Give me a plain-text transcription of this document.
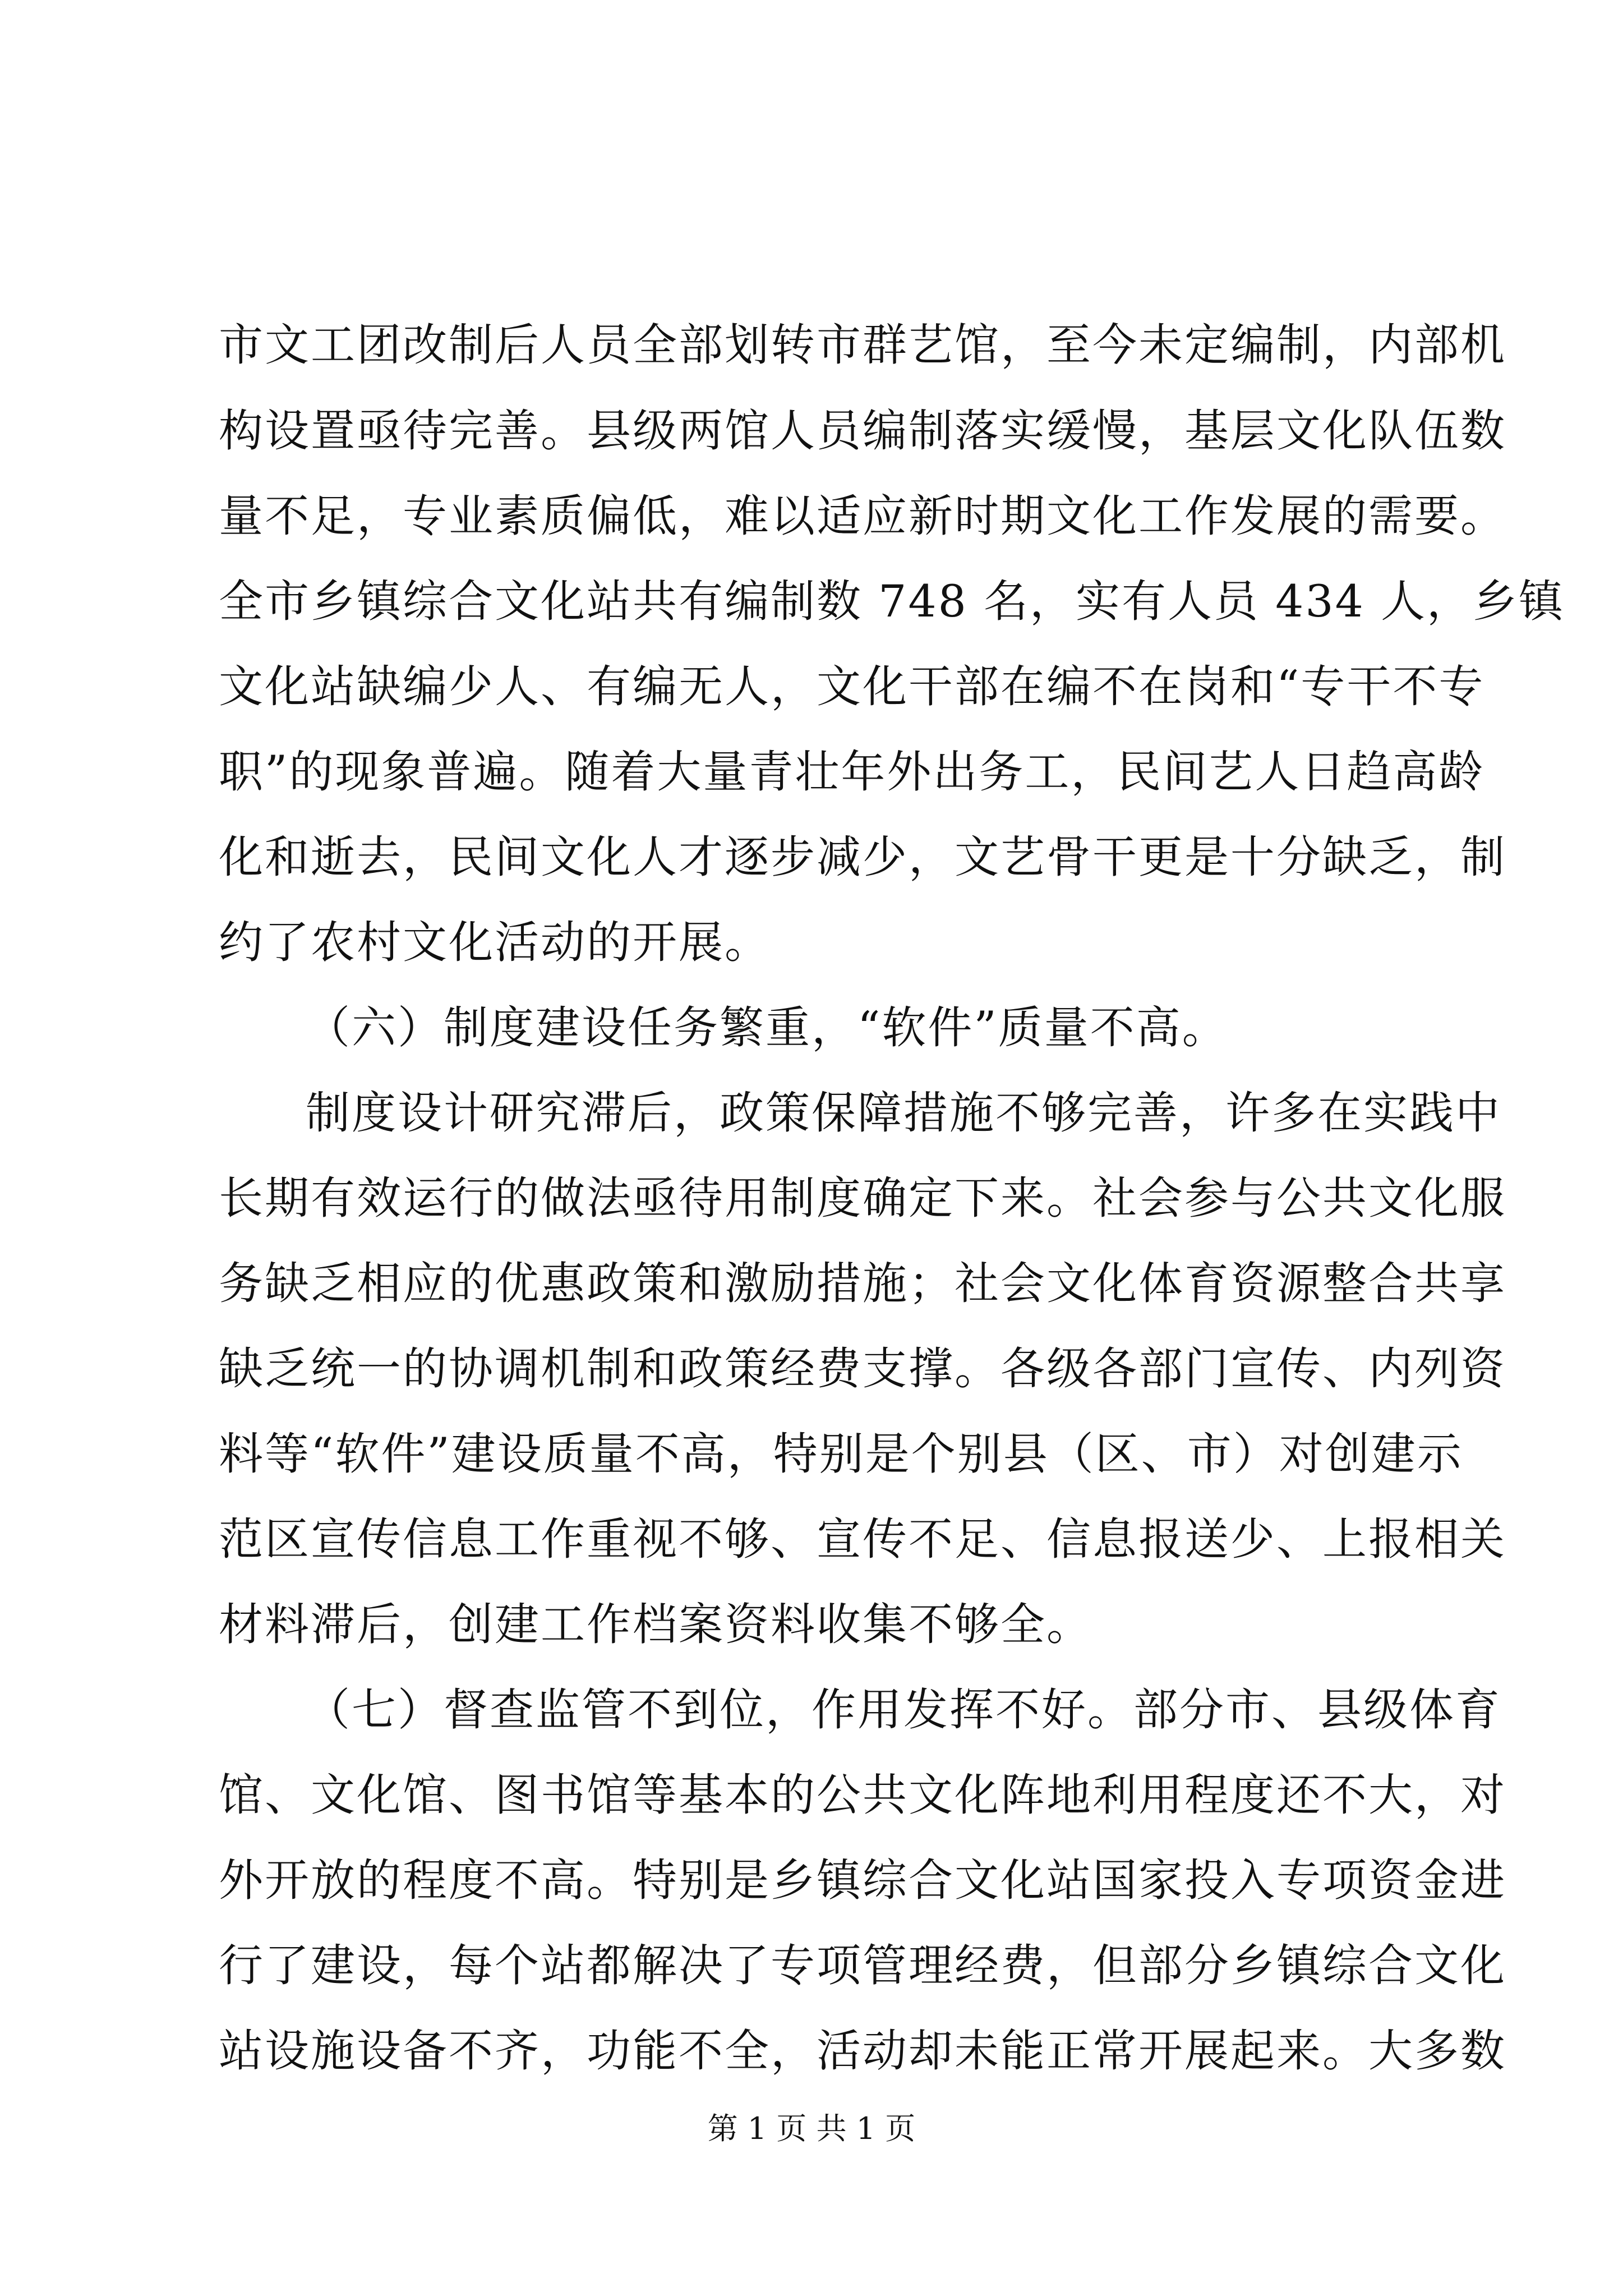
市文工团改制后人员全部划转市群艺馆，至今未定编制，内部机
构设置亟待完善。县级两馆人员编制落实缓慢，基层文化队伍数
量不足，专业素质偏低，难以适应新时期文化工作发展的需要。
全市乡镇综合文化站共有编制数 748 名，实有人员 434 人，乡镇
文化站缺编少人、有编无人，文化干部在编不在岗和“专干不专
职”的现象普遍。随着大量青壮年外出务工，民间艺人日趋高龄
化和逝去，民间文化人才逐步减少，文艺骨干更是十分缺乏，制
约了农村文化活动的开展。
（六）制度建设任务繁重，“软件”质量不高。
制度设计研究滞后，政策保障措施不够完善，许多在实践中
长期有效运行的做法亟待用制度确定下来。社会参与公共文化服
务缺乏相应的优惠政策和激励措施；社会文化体育资源整合共享
缺乏统一的协调机制和政策经费支撑。各级各部门宣传、内列资
料等“软件”建设质量不高，特别是个别县（区、市）对创建示
范区宣传信息工作重视不够、宣传不足、信息报送少、上报相关
材料滞后，创建工作档案资料收集不够全。
（七）督查监管不到位，作用发挥不好。部分市、县级体育
馆、文化馆、图书馆等基本的公共文化阵地利用程度还不大，对
外开放的程度不高。特别是乡镇综合文化站国家投入专项资金进
行了建设，每个站都解决了专项管理经费，但部分乡镇综合文化
站设施设备不齐，功能不全，活动却未能正常开展起来。大多数
第 1 页 共 1 页
